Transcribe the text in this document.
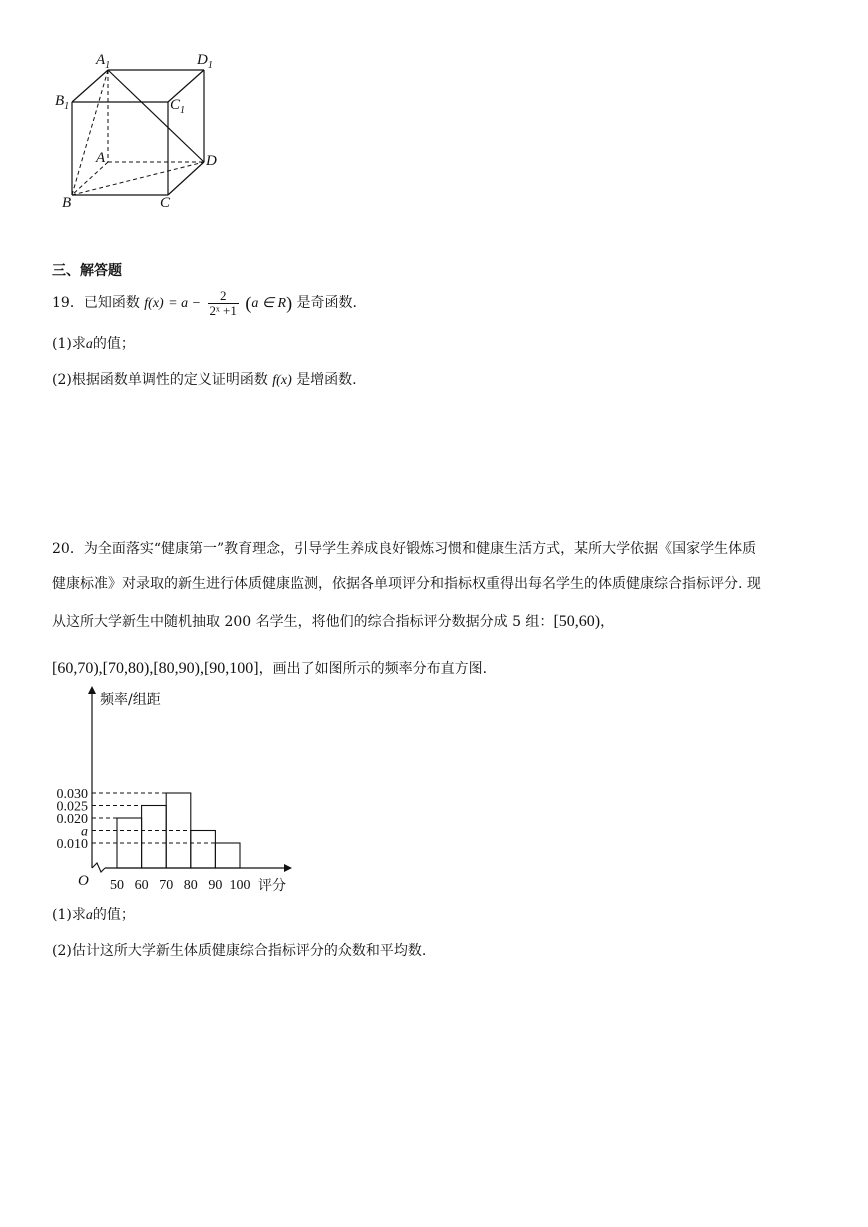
$A_1$	$D_1$
$B_1$	$C_1$
A	D
B	C
三、解答题
19．已知函数 $f(x) = a - \frac{2}{\text{2ˣ +1}} (a$ ∈ R) 是奇函数.
(1)求a的值；
(2)根据函数单调性的定义证明函数 f(x) 是增函数.
20．为全面落实“健康第一”教育理念，引导学生养成良好锻炼习惯和健康生活方式，某所大学依据《国家学生体质
健康标准》对录取的新生进行体质健康监测，依据各单项评分和指标权重得出每名学生的体质健康综合指标评分. 现
从这所大学新生中随机抽取 200 名学生，将他们的综合指标评分数据分成 5 组：[50,60)，
[60,70),[70,80),[80,90),[90,100]，画出了如图所示的频率分布直方图.
0.030
0.025
0.020
a
0.010
50 60 70 80 90 100 评分
频率/组距
O
(1)求a的值；
(2)估计这所大学新生体质健康综合指标评分的众数和平均数.
